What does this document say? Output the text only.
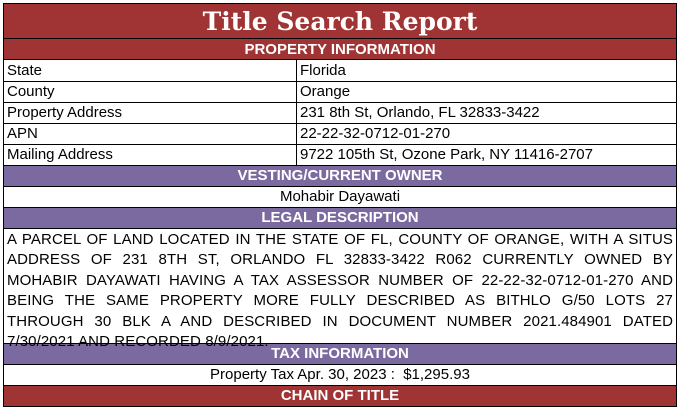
Title Search Report
PROPERTY INFORMATION
State	Florida
County	Orange
Property Address	231 8th St, Orlando, FL 32833-3422
APN	22-22-32-0712-01-270
Mailing Address	9722 105th St, Ozone Park, NY 11416-2707
VESTING/CURRENT OWNER
Mohabir Dayawati
LEGAL DESCRIPTION
A PARCEL OF LAND LOCATED IN THE STATE OF FL, COUNTY OF ORANGE, WITH A SITUS ADDRESS OF 231 8TH ST, ORLANDO FL 32833-3422 R062 CURRENTLY OWNED BY MOHABIR DAYAWATI HAVING A TAX ASSESSOR NUMBER OF 22-22-32-0712-01-270 AND BEING THE SAME PROPERTY MORE FULLY DESCRIBED AS BITHLO G/50 LOTS 27 THROUGH 30 BLK A AND DESCRIBED IN DOCUMENT NUMBER 2021.484901 DATED 7/30/2021 AND RECORDED 8/9/2021.
TAX INFORMATION
Property Tax Apr. 30, 2023 :  $1,295.93
CHAIN OF TITLE
